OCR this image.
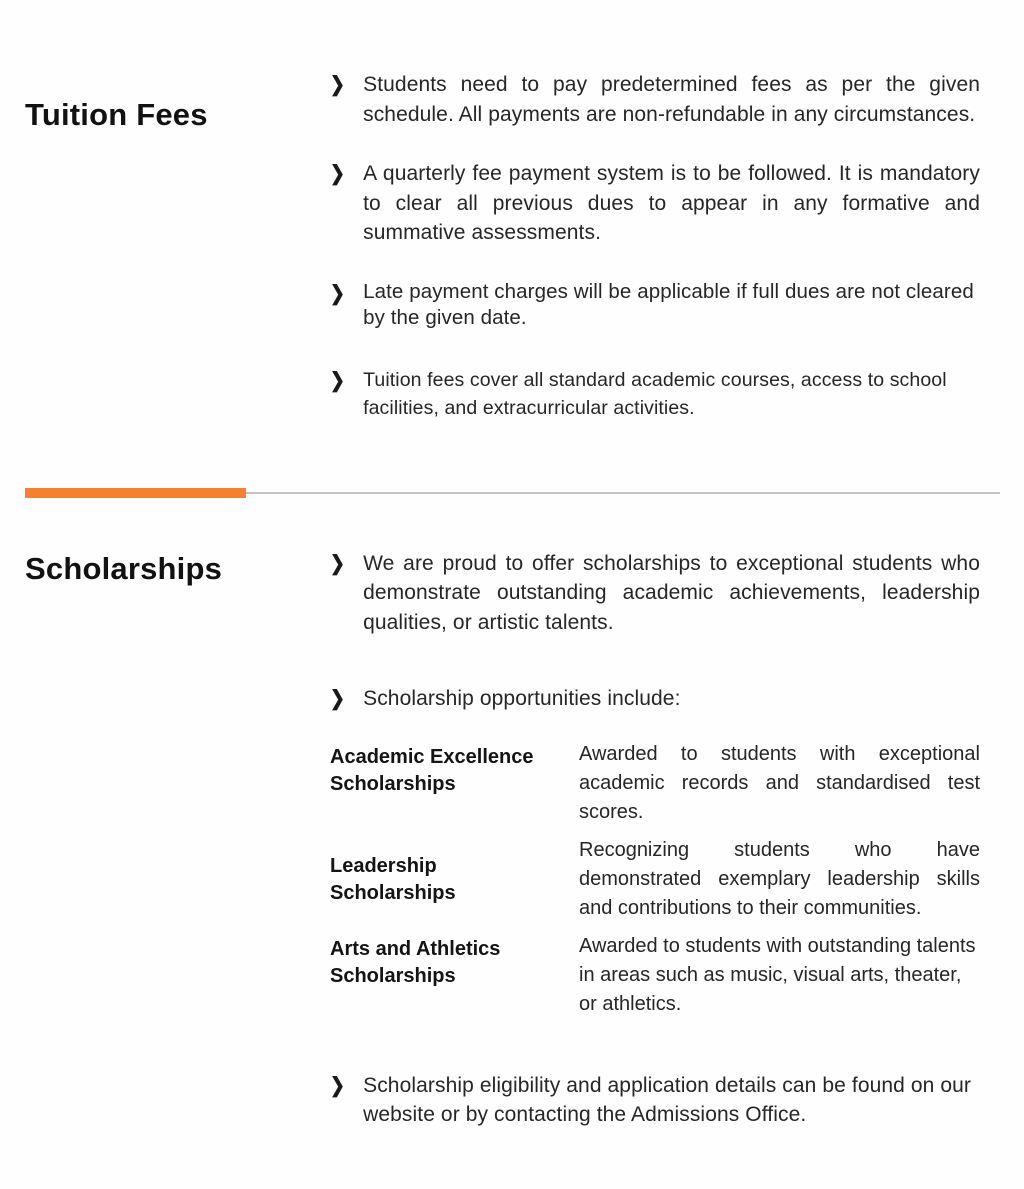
Tuition Fees
❯ Students need to pay predetermined fees as per the given schedule. All payments are non-refundable in any circumstances.

❯ A quarterly fee payment system is to be followed. It is mandatory to clear all previous dues to appear in any formative and summative assessments.

❯ Late payment charges will be applicable if full dues are not cleared by the given date.

❯ Tuition fees cover all standard academic courses, access to school facilities, and extracurricular activities.

Scholarships	❯ We are proud to offer scholarships to exceptional students who demonstrate outstanding academic achievements, leadership qualities, or artistic talents.

❯ Scholarship opportunities include:

Academic Excellence Scholarships
Awarded to students with exceptional academic records and standardised test scores.
Leadership Scholarships
Recognizing students who have demonstrated exemplary leadership skills and contributions to their communities.
Arts and Athletics Scholarships
Awarded to students with outstanding talents in areas such as music, visual arts, theater, or athletics.
❯ Scholarship eligibility and application details can be found on our website or by contacting the Admissions Office.
